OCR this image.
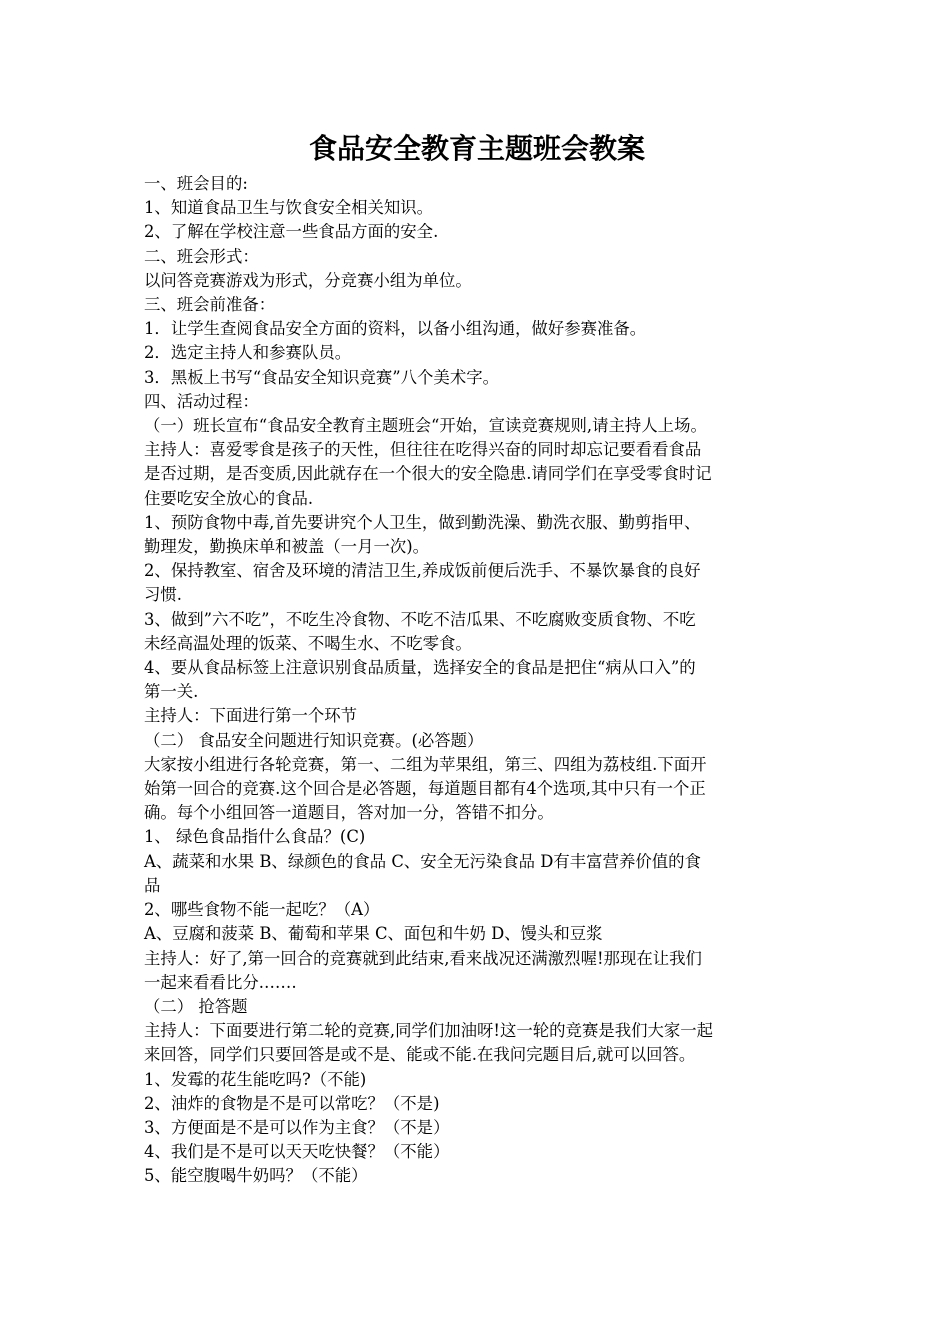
食品安全教育主题班会教案
一、班会目的:
1、知道食品卫生与饮食安全相关知识。
2、了解在学校注意一些食品方面的安全.
二、班会形式：
以问答竞赛游戏为形式，分竞赛小组为单位。
三、班会前准备：
1．让学生查阅食品安全方面的资料，以备小组沟通，做好参赛准备。
2．选定主持人和参赛队员。
3．黑板上书写“食品安全知识竞赛”八个美术字。
四、活动过程：
（一）班长宣布“食品安全教育主题班会“开始，宣读竞赛规则,请主持人上场。
主持人：喜爱零食是孩子的天性，但往往在吃得兴奋的同时却忘记要看看食品
是否过期，是否变质,因此就存在一个很大的安全隐患.请同学们在享受零食时记
住要吃安全放心的食品.
1、预防食物中毒,首先要讲究个人卫生，做到勤洗澡、勤洗衣服、勤剪指甲、
勤理发，勤换床单和被盖（一月一次)。
2、保持教室、宿舍及环境的清洁卫生,养成饭前便后洗手、不暴饮暴食的良好
习惯.
3、做到”六不吃”，不吃生冷食物、不吃不洁瓜果、不吃腐败变质食物、不吃
未经高温处理的饭菜、不喝生水、不吃零食。
4、要从食品标签上注意识别食品质量，选择安全的食品是把住“病从口入”的
第一关.
主持人：下面进行第一个环节
（二） 食品安全问题进行知识竞赛。(必答题）
大家按小组进行各轮竞赛，第一、二组为苹果组，第三、四组为荔枝组.下面开
始第一回合的竞赛.这个回合是必答题，每道题目都有4个选项,其中只有一个正
确。每个小组回答一道题目，答对加一分，答错不扣分。
1、 绿色食品指什么食品？(C)
A、蔬菜和水果 B、绿颜色的食品 C、安全无污染食品 D有丰富营养价值的食
品
2、哪些食物不能一起吃？（A）
A、豆腐和菠菜 B、葡萄和苹果 C、面包和牛奶 D、馒头和豆浆
主持人：好了,第一回合的竞赛就到此结束,看来战况还满激烈喔!那现在让我们
一起来看看比分.……
（二） 抢答题
主持人：下面要进行第二轮的竞赛,同学们加油呀!这一轮的竞赛是我们大家一起
来回答，同学们只要回答是或不是、能或不能.在我问完题目后,就可以回答。
1、发霉的花生能吃吗?（不能)
2、油炸的食物是不是可以常吃？（不是)
3、方便面是不是可以作为主食？（不是）
4、我们是不是可以天天吃快餐？（不能）
5、能空腹喝牛奶吗？（不能）
